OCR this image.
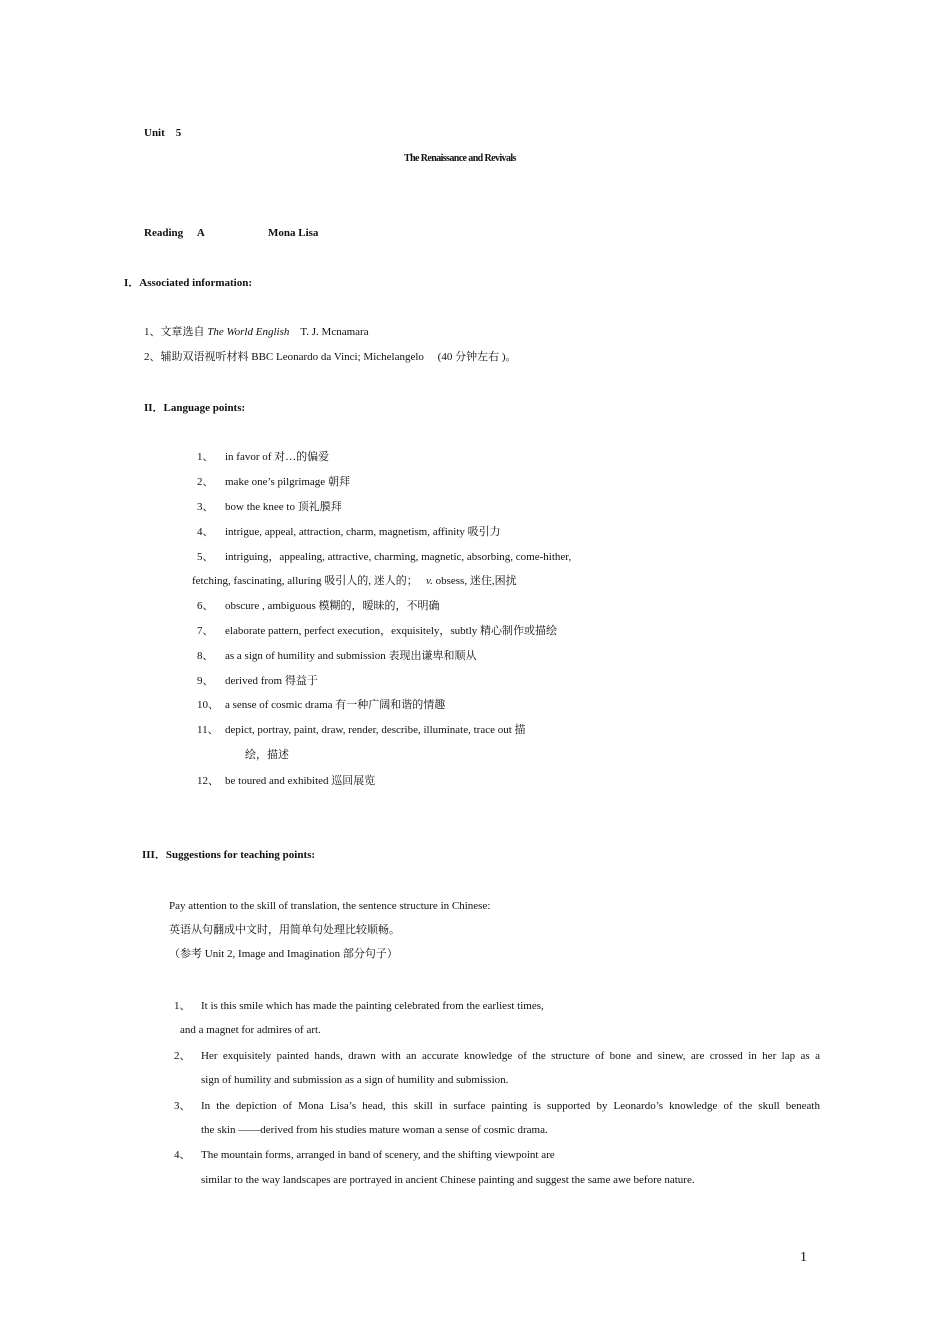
Unit 5
The Renaissance and Revivals
Reading A	Mona Lisa
I．Associated information:
1、文章选自 The World English T. J. Mcnamara
2、辅助双语视听材料 BBC Leonardo da Vinci; Michelangelo (40 分钟左右 )。
II．Language points:
1、 in favor of 对…的偏爱
2、 make one’s pilgrimage 朝拜
3、 bow the knee to 顶礼膜拜
4、 intrigue, appeal, attraction, charm, magnetism, affinity 吸引力
5、 intriguing，appealing, attractive, charming, magnetic, absorbing, come-hither,
fetching, fascinating, alluring 吸引人的, 迷人的； v. obsess, 迷住,困扰
6、 obscure , ambiguous 模糊的，暧昧的，不明确
7、 elaborate pattern, perfect execution，exquisitely，subtly 精心制作或描绘
8、 as a sign of humility and submission 表现出谦卑和顺从
9、 derived from 得益于
10、 a sense of cosmic drama 有一种广阔和谐的情趣
11、 depict, portray, paint, draw, render, describe, illuminate, trace out 描
绘，描述
12、 be toured and exhibited 巡回展览
III．Suggestions for teaching points:
Pay attention to the skill of translation, the sentence structure in Chinese:
英语从句翻成中文时，用简单句处理比较顺畅。
（参考 Unit 2, Image and Imagination 部分句子）
1、 It is this smile which has made the painting celebrated from the earliest times,
and a magnet for admires of art.
2、 Her exquisitely painted hands, drawn with an accurate knowledge of the structure of bone and sinew, are crossed in her lap as a
sign of humility and submission as a sign of humility and submission.
3、 In the depiction of Mona Lisa’s head, this skill in surface painting is supported by Leonardo’s knowledge of the skull beneath
the skin ——derived from his studies mature woman a sense of cosmic drama.
4、 The mountain forms, arranged in band of scenery, and the shifting viewpoint are
similar to the way landscapes are portrayed in ancient Chinese painting and suggest the same awe before nature.
1
